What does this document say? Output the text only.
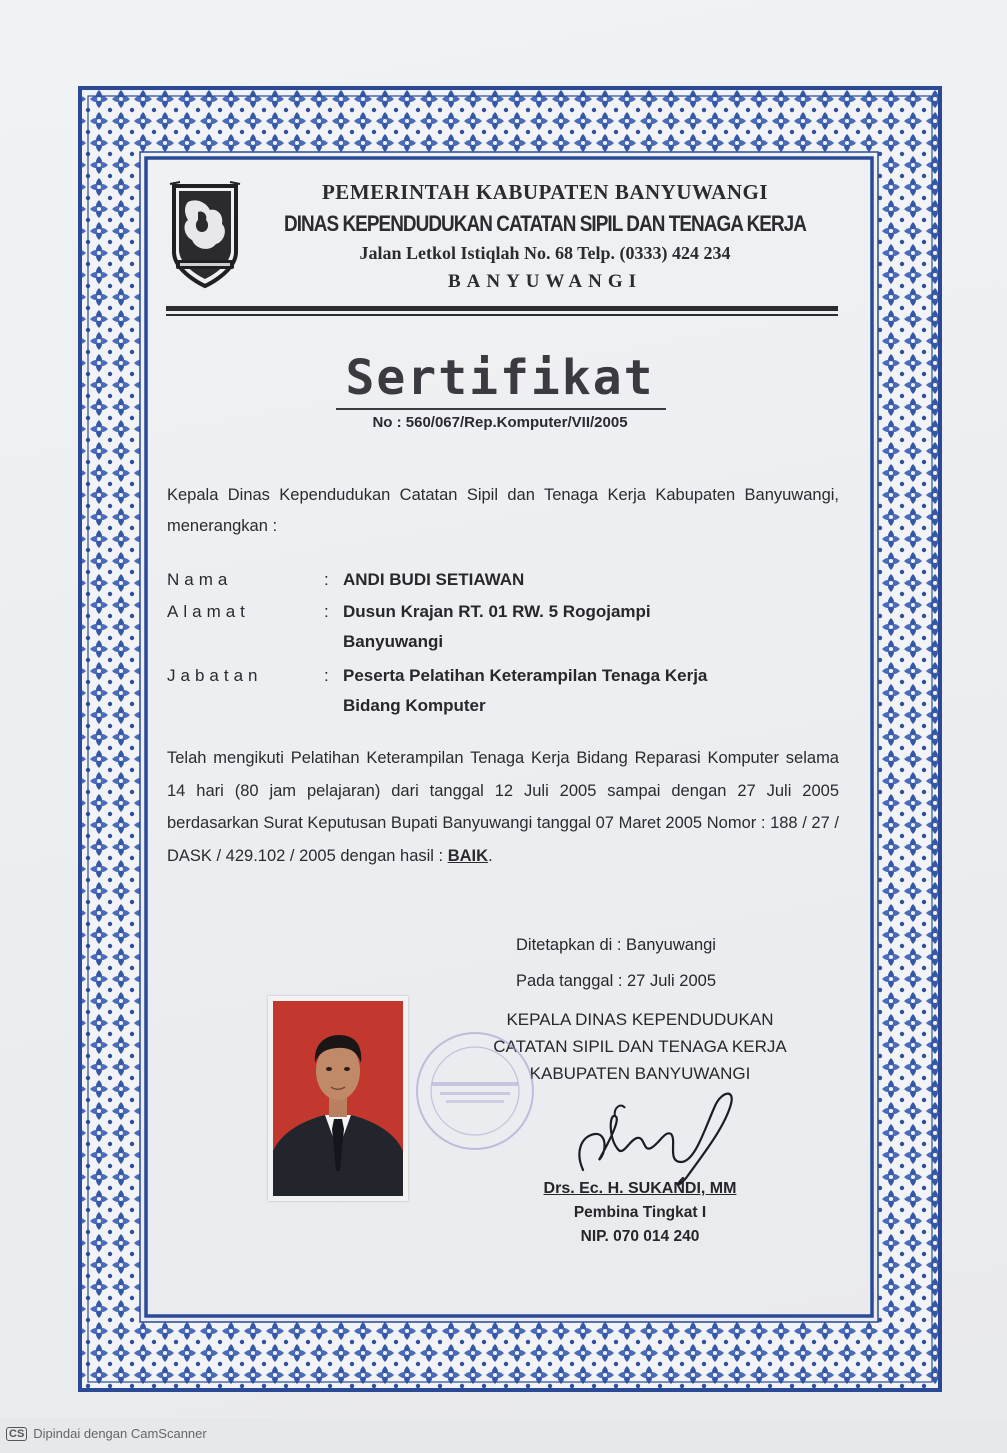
PEMERINTAH KABUPATEN BANYUWANGI
DINAS KEPENDUDUKAN CATATAN SIPIL DAN TENAGA KERJA
Jalan Letkol Istiqlah No. 68 Telp. (0333) 424 234
BANYUWANGI
Sertifikat
No : 560/067/Rep.Komputer/VII/2005
Kepala Dinas Kependudukan Catatan Sipil dan Tenaga Kerja Kabupaten Banyuwangi, menerangkan :
Nama	: ANDI BUDI SETIAWAN
Alamat	: Dusun Krajan RT. 01 RW. 5 Rogojampi
Banyuwangi
Jabatan	: Peserta Pelatihan Keterampilan Tenaga Kerja
Bidang Komputer
Telah mengikuti Pelatihan Keterampilan Tenaga Kerja Bidang Reparasi Komputer selama 14 hari (80 jam pelajaran) dari tanggal 12 Juli 2005 sampai dengan 27 Juli 2005 berdasarkan Surat Keputusan Bupati Banyuwangi tanggal 07 Maret 2005 Nomor : 188 / 27 / DASK / 429.102 / 2005 dengan hasil : BAIK.
Ditetapkan di : Banyuwangi
Pada tanggal : 27 Juli 2005
KEPALA DINAS KEPENDUDUKAN
CATATAN SIPIL DAN TENAGA KERJA
KABUPATEN BANYUWANGI
Drs. Ec. H. SUKANDI, MM
Pembina Tingkat I
NIP. 070 014 240
CS Dipindai dengan CamScanner
